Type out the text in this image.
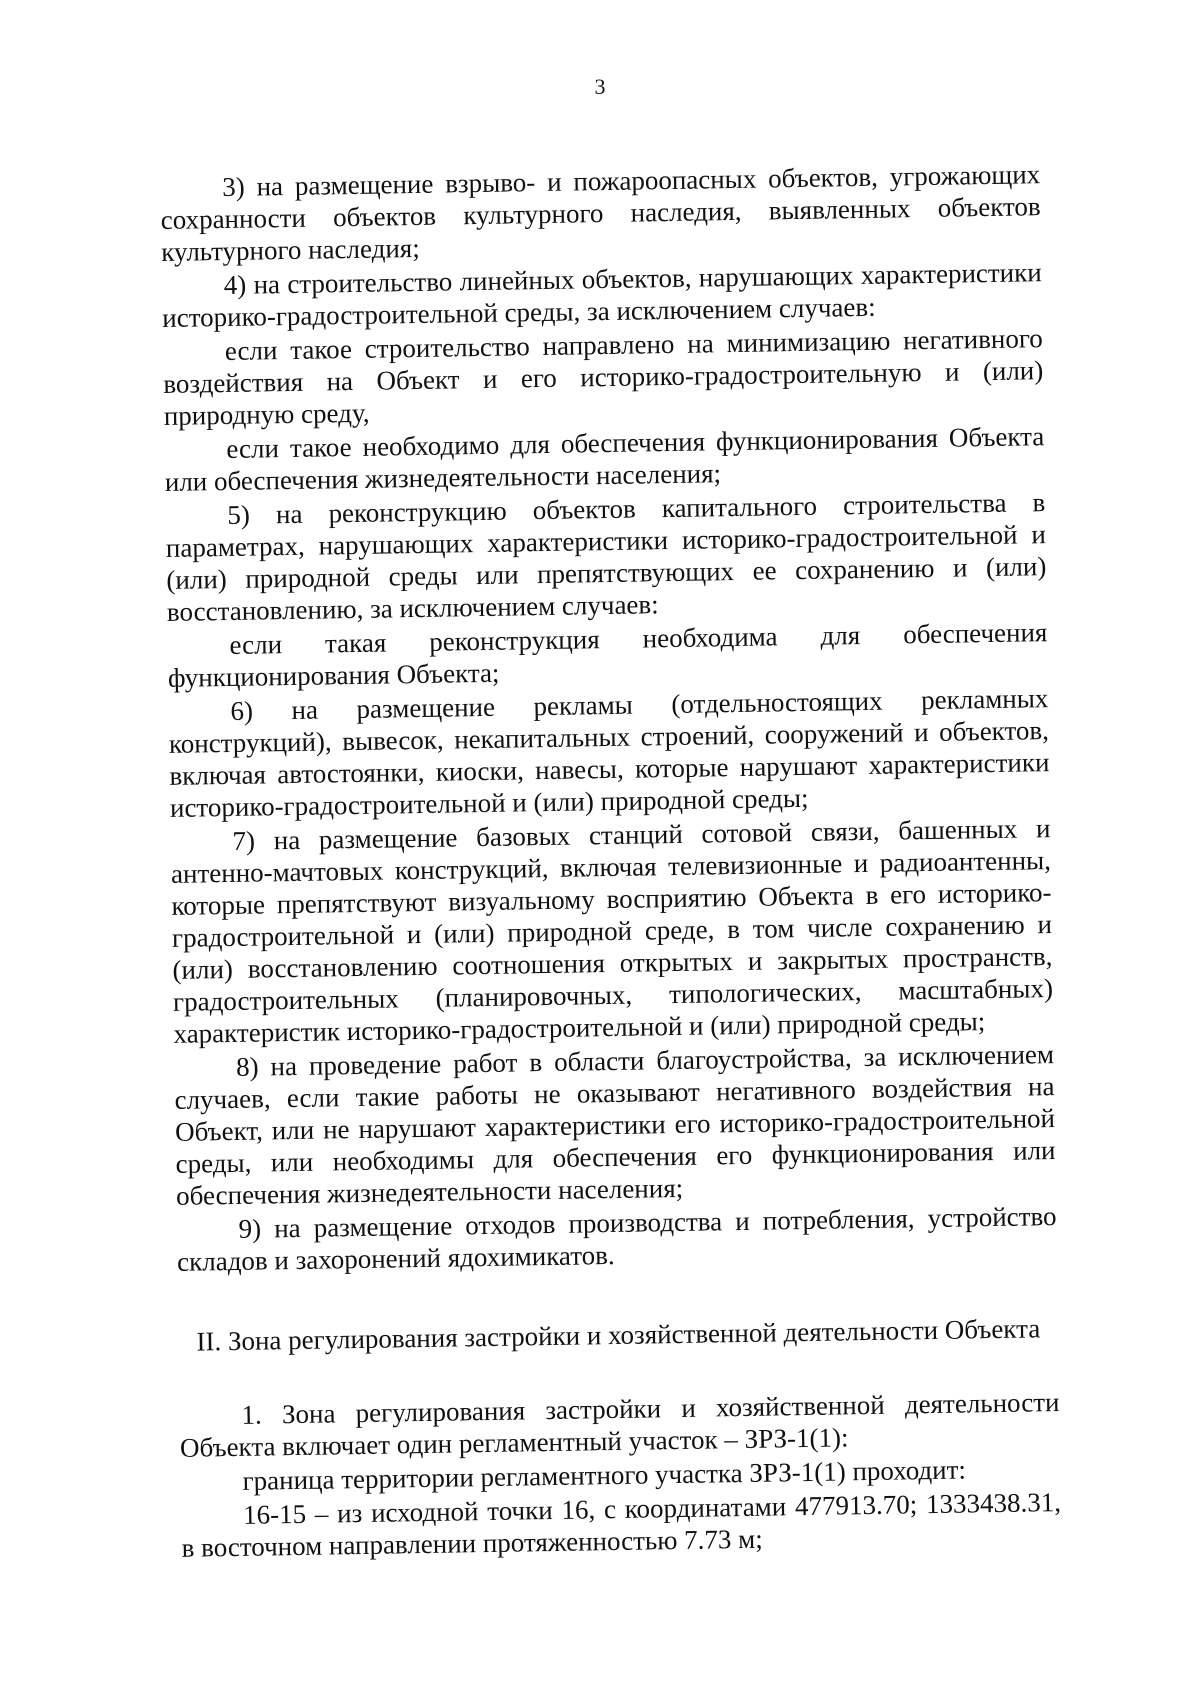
3

3) на размещение взрыво- и пожароопасных объектов, угрожающих сохранности объектов культурного наследия, выявленных объектов культурного наследия;

4) на строительство линейных объектов, нарушающих характеристики историко-градостроительной среды, за исключением случаев:

если такое строительство направлено на минимизацию негативного воздействия на Объект и его историко-градостроительную и (или) природную среду,

если такое необходимо для обеспечения функционирования Объекта или обеспечения жизнедеятельности населения;

5) на реконструкцию объектов капитального строительства в параметрах, нарушающих характеристики историко-градостроительной и (или) природной среды или препятствующих ее сохранению и (или) восстановлению, за исключением случаев:

если такая реконструкция необходима для обеспечения функционирования Объекта;

6) на размещение рекламы (отдельностоящих рекламных конструкций), вывесок, некапитальных строений, сооружений и объектов, включая автостоянки, киоски, навесы, которые нарушают характеристики историко-градостроительной и (или) природной среды;

7) на размещение базовых станций сотовой связи, башенных и антенно-мачтовых конструкций, включая телевизионные и радиоантенны, которые препятствуют визуальному восприятию Объекта в его историко-градостроительной и (или) природной среде, в том числе сохранению и (или) восстановлению соотношения открытых и закрытых пространств, градостроительных (планировочных, типологических, масштабных) характеристик историко-градостроительной и (или) природной среды;

8) на проведение работ в области благоустройства, за исключением случаев, если такие работы не оказывают негативного воздействия на Объект, или не нарушают характеристики его историко-градостроительной среды, или необходимы для обеспечения его функционирования или обеспечения жизнедеятельности населения;

9) на размещение отходов производства и потребления, устройство складов и захоронений ядохимикатов.

II. Зона регулирования застройки и хозяйственной деятельности Объекта

1. Зона регулирования застройки и хозяйственной деятельности Объекта включает один регламентный участок – ЗРЗ-1(1):

граница территории регламентного участка ЗРЗ-1(1) проходит:

16-15 – из исходной точки 16, с координатами 477913.70; 1333438.31, в восточном направлении протяженностью 7.73 м;
